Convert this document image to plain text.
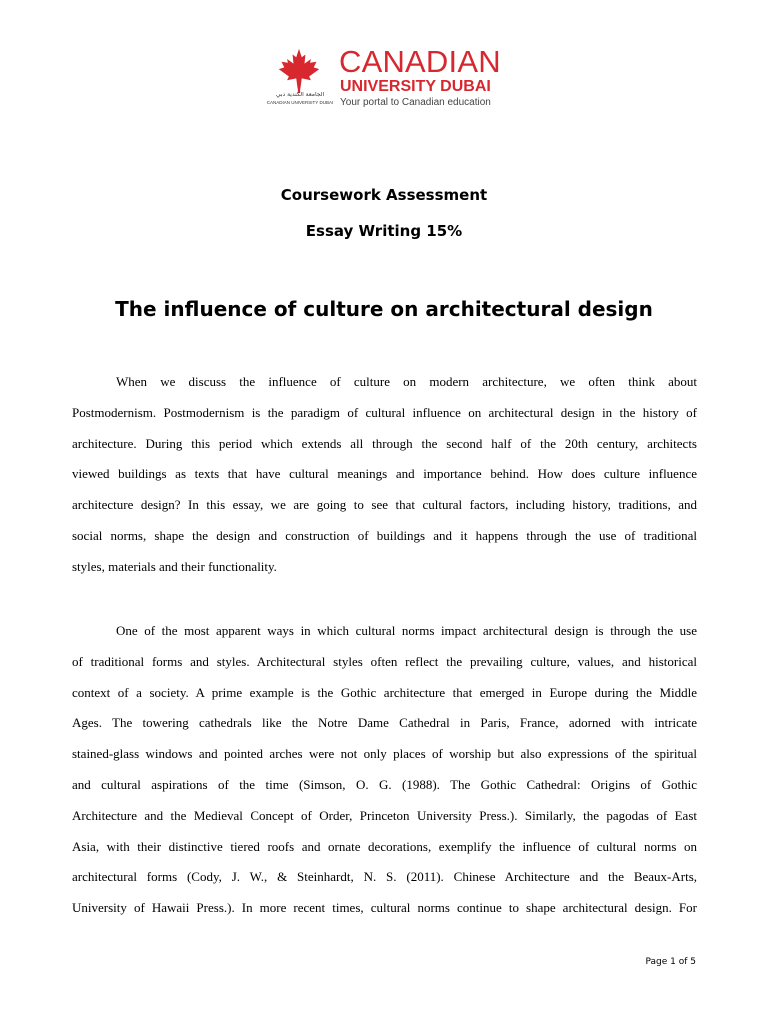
الجامعة الكندية دبي
CANADIAN UNIVERSITY DUBAI
CANADIAN
UNIVERSITY DUBAI
Your portal to Canadian education
Coursework Assessment
Essay Writing 15%
The influence of culture on architectural design
When we discuss the influence of culture on modern architecture, we often think about
Postmodernism. Postmodernism is the paradigm of cultural influence on architectural design in the history of
architecture. During this period which extends all through the second half of the 20th century, architects
viewed buildings as texts that have cultural meanings and importance behind. How does culture influence
architecture design? In this essay, we are going to see that cultural factors, including history, traditions, and
social norms, shape the design and construction of buildings and it happens through the use of traditional
styles, materials and their functionality.
One of the most apparent ways in which cultural norms impact architectural design is through the use
of traditional forms and styles. Architectural styles often reflect the prevailing culture, values, and historical
context of a society. A prime example is the Gothic architecture that emerged in Europe during the Middle
Ages. The towering cathedrals like the Notre Dame Cathedral in Paris, France, adorned with intricate
stained-glass windows and pointed arches were not only places of worship but also expressions of the spiritual
and cultural aspirations of the time (Simson, O. G. (1988). The Gothic Cathedral: Origins of Gothic
Architecture and the Medieval Concept of Order, Princeton University Press.). Similarly, the pagodas of East
Asia, with their distinctive tiered roofs and ornate decorations, exemplify the influence of cultural norms on
architectural forms (Cody, J. W., & Steinhardt, N. S. (2011). Chinese Architecture and the Beaux-Arts,
University of Hawaii Press.). In more recent times, cultural norms continue to shape architectural design. For
Page 1 of 5
